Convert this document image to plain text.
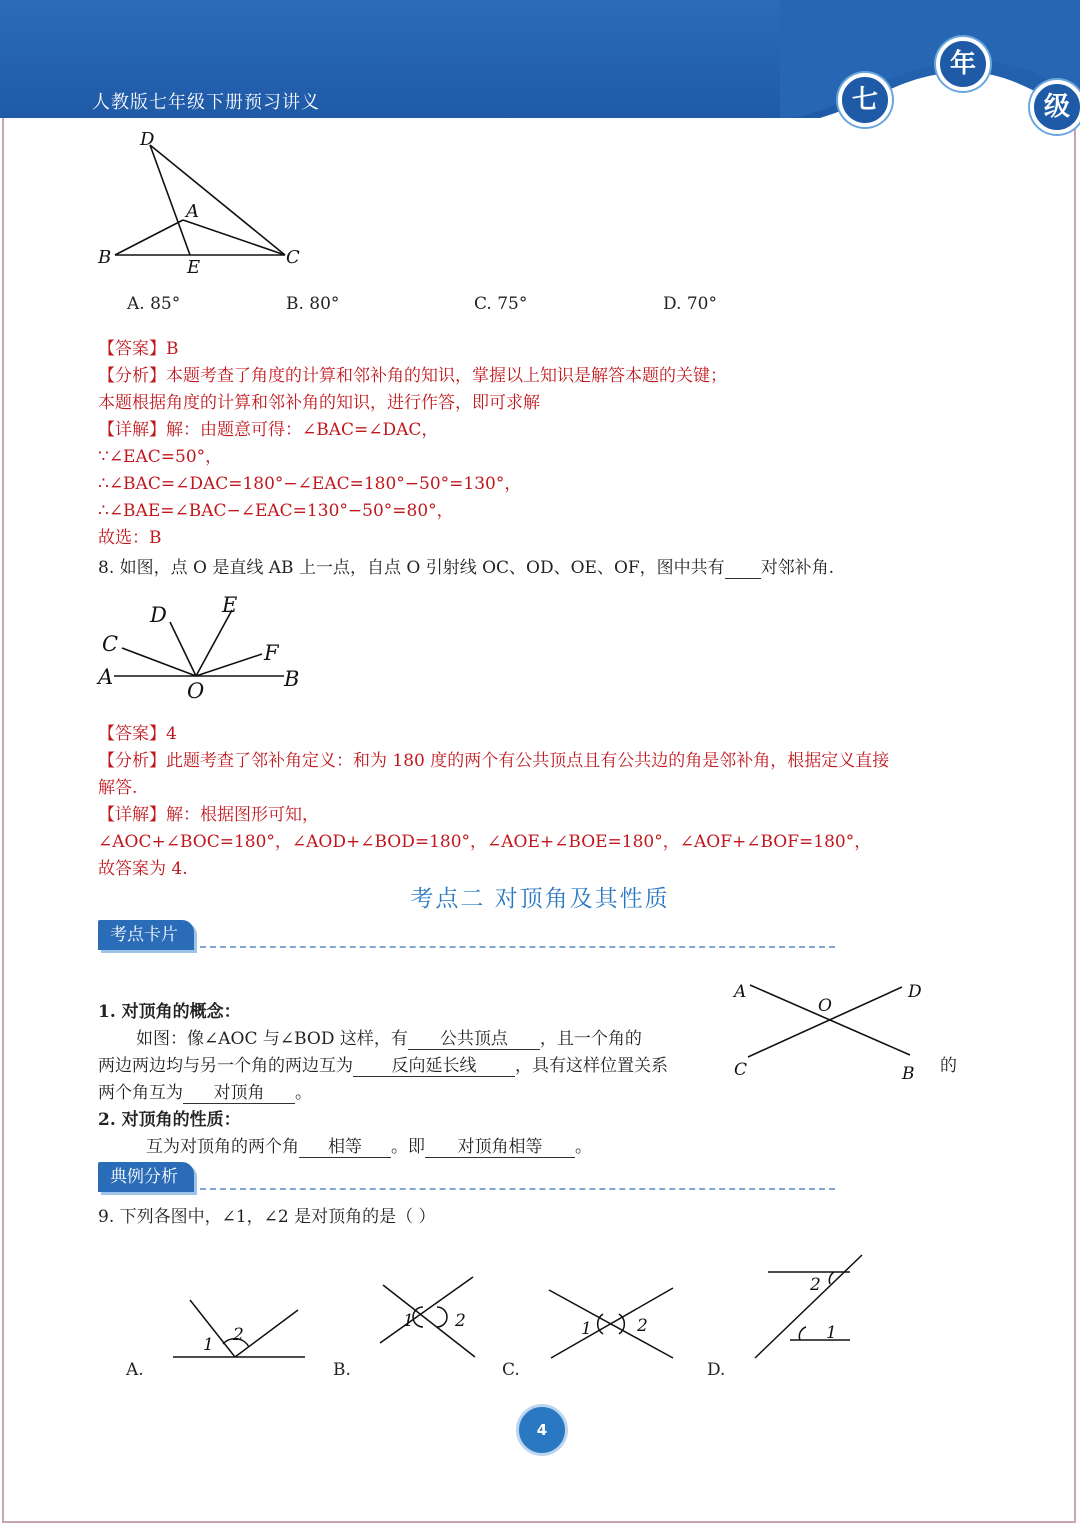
人教版七年级下册预习讲义	七
年
级
D
A
B	E	C
A. 85°	B. 80°	C. 75°	D. 70°
【答案】B
【分析】本题考查了角度的计算和邻补角的知识，掌握以上知识是解答本题的关键；
本题根据角度的计算和邻补角的知识，进行作答，即可求解
【详解】解：由题意可得：∠BAC=∠DAC，
∵∠EAC=50°，
∴∠BAC=∠DAC=180°−∠EAC=180°−50°=130°，
∴∠BAE=∠BAC−∠EAC=130°−50°=80°，
故选：B
8. 如图，点 O 是直线 AB 上一点，自点 O 引射线 OC、OD、OE、OF，图中共有 对邻补角.
D	E
C	F
A
O	B
【答案】4
【分析】此题考查了邻补角定义：和为 180 度的两个有公共顶点且有公共边的角是邻补角，根据定义直接
解答.
【详解】解：根据图形可知，
∠AOC+∠BOC=180°，∠AOD+∠BOD=180°，∠AOE+∠BOE=180°，∠AOF+∠BOF=180°，
故答案为 4.
考点二 对顶角及其性质
考点卡片
1. 对顶角的概念：
如图：像∠AOC 与∠BOD 这样，有 公共顶点 ，且一个角的
两边两边均与另一个角的两边互为 反向延长线 ，具有这样位置关系	的
两个角互为 对顶角 。
A
O
D
C	B
2. 对顶角的性质：
互为对顶角的两个角 相等 。即 对顶角相等 。
典例分析
9. 下列各图中，∠1，∠2 是对顶角的是（ ）
1 2
1 2	1	2
2
1
A.	B.	C.	D.
4
